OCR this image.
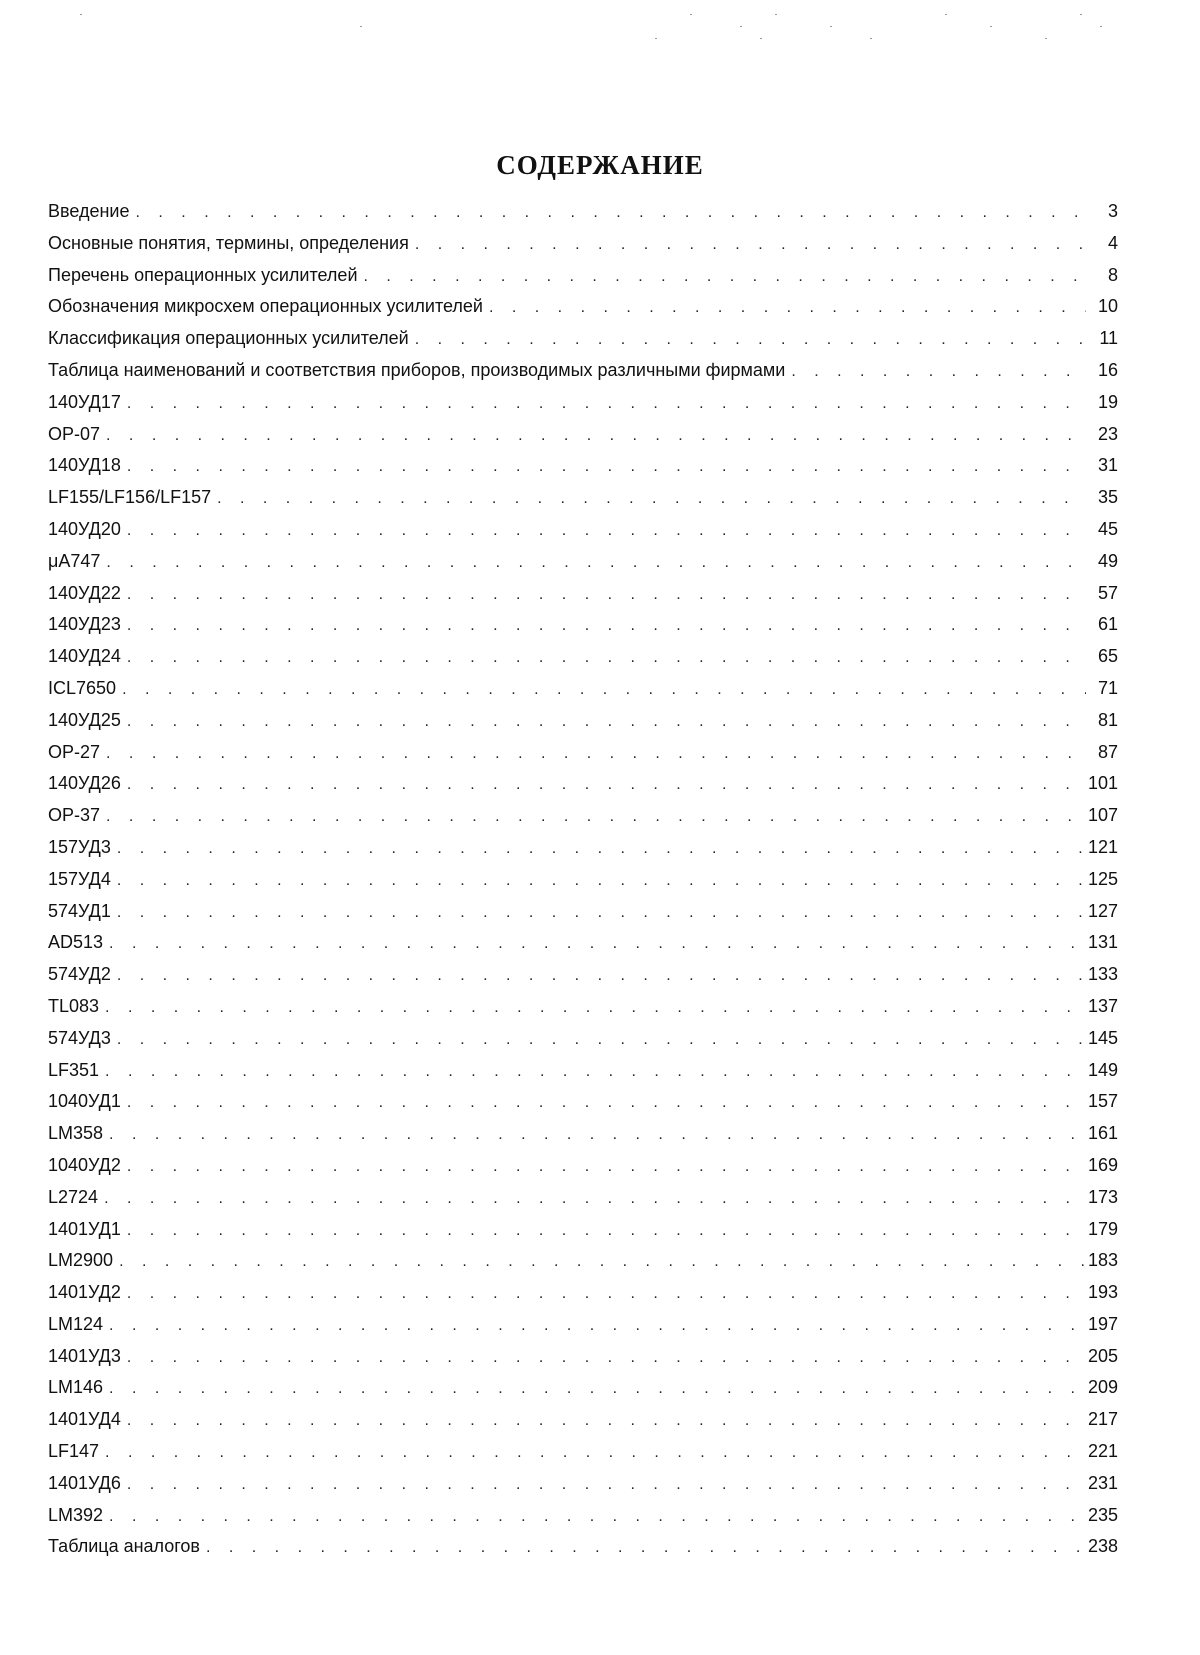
СОДЕРЖАНИЕ
Введение . . .	3
Основные понятия, термины, определения . . .	4
Перечень операционных усилителей . . .	8
Обозначения микросхем операционных усилителей . . .	10
Классификация операционных усилителей . . .	11
Таблица наименований и соответствия приборов, производимых различными фирмами . . .	16
140УД17 . . .	19
OP-07 . . .	23
140УД18 . . .	31
LF155/LF156/LF157 . . .	35
140УД20 . . .	45
μA747 . . .	49
140УД22 . . .	57
140УД23 . . .	61
140УД24 . . .	65
ICL7650 . . .	71
140УД25 . . .	81
OP-27 . . .	87
140УД26 . . .	101
OP-37 . . .	107
157УД3 . . .	121
157УД4 . . .	125
574УД1 . . .	127
AD513 . . .	131
574УД2 . . .	133
TL083 . . .	137
574УД3 . . .	145
LF351 . . .	149
1040УД1 . . .	157
LM358 . . .	161
1040УД2 . . .	169
L2724 . . .	173
1401УД1 . . .	179
LM2900 . . .	183
1401УД2 . . .	193
LM124 . . .	197
1401УД3 . . .	205
LM146 . . .	209
1401УД4 . . .	217
LF147 . . .	221
1401УД6 . . .	231
LM392 . . .	235
Таблица аналогов . . .	238
